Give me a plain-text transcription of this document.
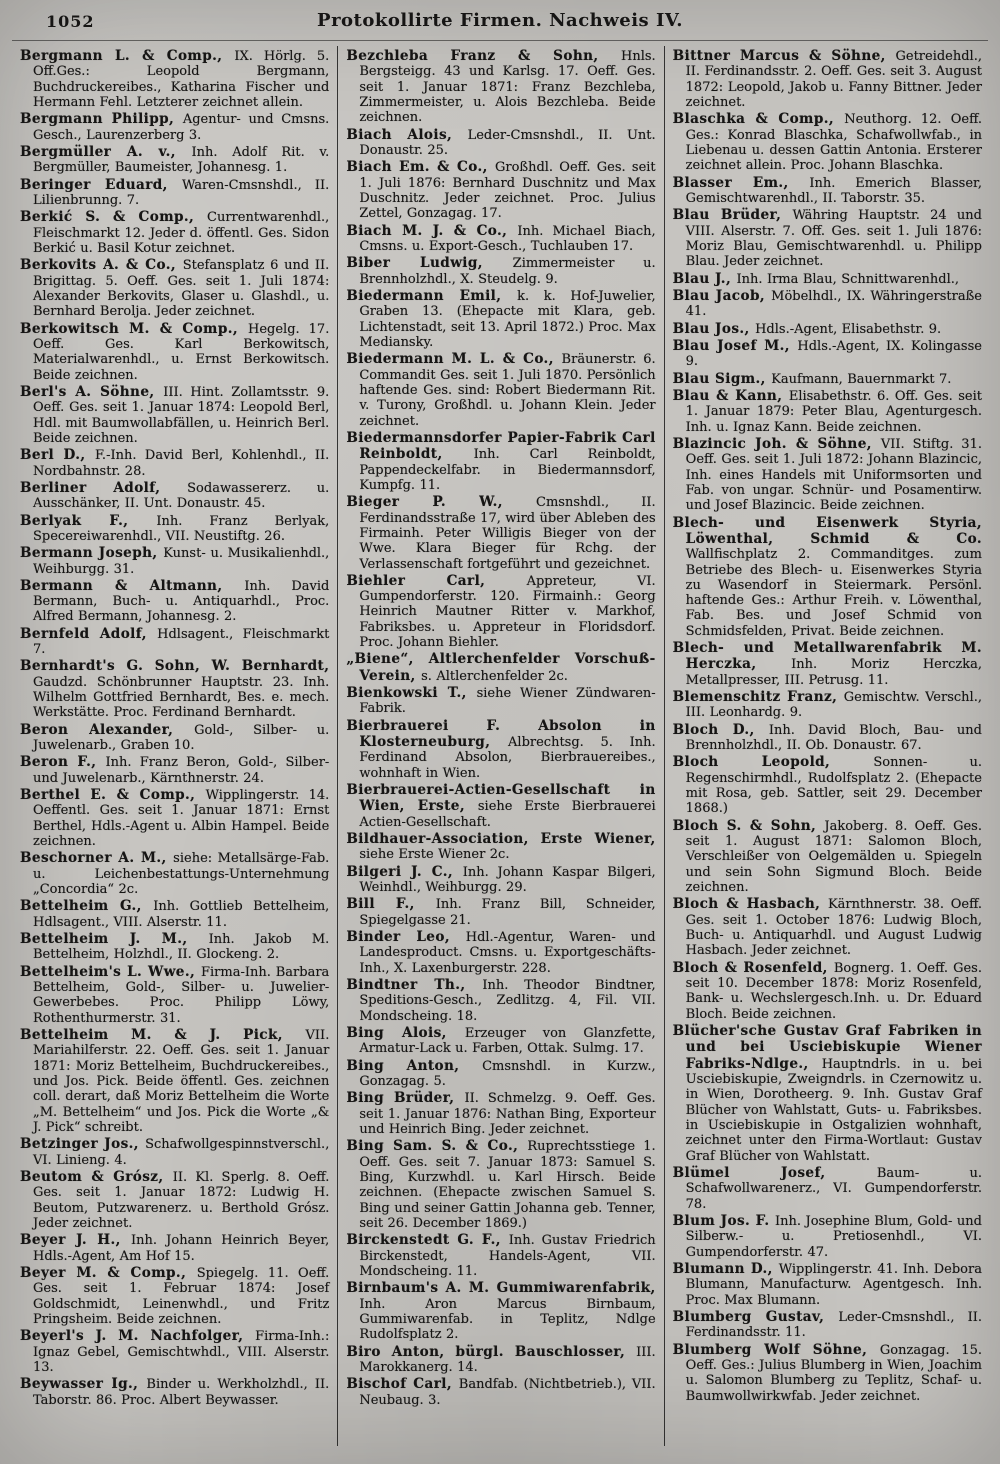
1052	Protokollirte Firmen. Nachweis IV.

Bergmann L. & Comp., IX. Hörlg. 5. Off.Ges.: Leopold Bergmann, Buchdruckereibes., Katharina Fischer und Hermann Fehl. Letzterer zeichnet allein.

Bergmann Philipp, Agentur- und Cmsns. Gesch., Laurenzerberg 3.

Bergmüller A. v., Inh. Adolf Rit. v. Bergmüller, Baumeister, Johannesg. 1.

Beringer Eduard, Waren-Cmsnshdl., II. Lilienbrunng. 7.

Berkić S. & Comp., Currentwarenhdl., Fleischmarkt 12. Jeder d. öffentl. Ges. Sidon Berkić u. Basil Kotur zeichnet.

Berkovits A. & Co., Stefansplatz 6 und II. Brigittag. 5. Oeff. Ges. seit 1. Juli 1874: Alexander Berkovits, Glaser u. Glashdl., u. Bernhard Berolja. Jeder zeichnet.

Berkowitsch M. & Comp., Hegelg. 17. Oeff. Ges. Karl Berkowitsch, Materialwarenhdl., u. Ernst Berkowitsch. Beide zeichnen.

Berl's A. Söhne, III. Hint. Zollamtsstr. 9. Oeff. Ges. seit 1. Januar 1874: Leopold Berl, Hdl. mit Baumwollabfällen, u. Heinrich Berl. Beide zeichnen.

Berl D., F.-Inh. David Berl, Kohlenhdl., II. Nordbahnstr. 28.

Berliner Adolf, Sodawassererz. u. Ausschänker, II. Unt. Donaustr. 45.

Berlyak F., Inh. Franz Berlyak, Specereiwarenhdl., VII. Neustiftg. 26.

Bermann Joseph, Kunst- u. Musikalienhdl., Weihburgg. 31.

Bermann & Altmann, Inh. David Bermann, Buch- u. Antiquarhdl., Proc. Alfred Bermann, Johannesg. 2.

Bernfeld Adolf, Hdlsagent., Fleischmarkt 7.

Bernhardt's G. Sohn, W. Bernhardt, Gaudzd. Schönbrunner Hauptstr. 23. Inh. Wilhelm Gottfried Bernhardt, Bes. e. mech. Werkstätte. Proc. Ferdinand Bernhardt.

Beron Alexander, Gold-, Silber- u. Juwelenarb., Graben 10.

Beron F., Inh. Franz Beron, Gold-, Silber- und Juwelenarb., Kärnthnerstr. 24.

Berthel E. & Comp., Wipplingerstr. 14. Oeffentl. Ges. seit 1. Januar 1871: Ernst Berthel, Hdls.-Agent u. Albin Hampel. Beide zeichnen.

Beschorner A. M., siehe: Metallsärge-Fab. u. Leichenbestattungs-Unternehmung „Concordia“ 2c.

Bettelheim G., Inh. Gottlieb Bettelheim, Hdlsagent., VIII. Alserstr. 11.

Bettelheim J. M., Inh. Jakob M. Bettelheim, Holzhdl., II. Glockeng. 2.

Bettelheim's L. Wwe., Firma-Inh. Barbara Bettelheim, Gold-, Silber- u. Juwelier-Gewerbebes. Proc. Philipp Löwy, Rothenthurmerstr. 31.

Bettelheim M. & J. Pick, VII. Mariahilferstr. 22. Oeff. Ges. seit 1. Januar 1871: Moriz Bettelheim, Buchdruckereibes., und Jos. Pick. Beide öffentl. Ges. zeichnen coll. derart, daß Moriz Bettelheim die Worte „M. Bettelheim“ und Jos. Pick die Worte „& J. Pick“ schreibt.

Betzinger Jos., Schafwollgespinnstverschl., VI. Linieng. 4.

Beutom & Grósz, II. Kl. Sperlg. 8. Oeff. Ges. seit 1. Januar 1872: Ludwig H. Beutom, Putzwarenerz. u. Berthold Grósz. Jeder zeichnet.

Beyer J. H., Inh. Johann Heinrich Beyer, Hdls.-Agent, Am Hof 15.

Beyer M. & Comp., Spiegelg. 11. Oeff. Ges. seit 1. Februar 1874: Josef Goldschmidt, Leinenwhdl., und Fritz Pringsheim. Beide zeichnen.

Beyerl's J. M. Nachfolger, Firma-Inh.: Ignaz Gebel, Gemischtwhdl., VIII. Alserstr. 13.

Beywasser Ig., Binder u. Werkholzhdl., II. Taborstr. 86. Proc. Albert Beywasser.

Bezchleba Franz & Sohn, Hnls. Bergsteigg. 43 und Karlsg. 17. Oeff. Ges. seit 1. Januar 1871: Franz Bezchleba, Zimmermeister, u. Alois Bezchleba. Beide zeichnen.

Biach Alois, Leder-Cmsnshdl., II. Unt. Donaustr. 25.

Biach Em. & Co., Großhdl. Oeff. Ges. seit 1. Juli 1876: Bernhard Duschnitz und Max Duschnitz. Jeder zeichnet. Proc. Julius Zettel, Gonzagag. 17.

Biach M. J. & Co., Inh. Michael Biach, Cmsns. u. Export-Gesch., Tuchlauben 17.

Biber Ludwig, Zimmermeister u. Brennholzhdl., X. Steudelg. 9.

Biedermann Emil, k. k. Hof-Juwelier, Graben 13. (Ehepacte mit Klara, geb. Lichtenstadt, seit 13. April 1872.) Proc. Max Mediansky.

Biedermann M. L. & Co., Bräunerstr. 6. Commandit Ges. seit 1. Juli 1870. Persönlich haftende Ges. sind: Robert Biedermann Rit. v. Turony, Großhdl. u. Johann Klein. Jeder zeichnet.

Biedermannsdorfer Papier-Fabrik Carl Reinboldt, Inh. Carl Reinboldt, Pappendeckelfabr. in Biedermannsdorf, Kumpfg. 11.

Bieger P. W., Cmsnshdl., II. Ferdinandsstraße 17, wird über Ableben des Firmainh. Peter Willigis Bieger von der Wwe. Klara Bieger für Rchg. der Verlassenschaft fortgeführt und gezeichnet.

Biehler Carl, Appreteur, VI. Gumpendorferstr. 120. Firmainh.: Georg Heinrich Mautner Ritter v. Markhof, Fabriksbes. u. Appreteur in Floridsdorf. Proc. Johann Biehler.

„Biene“, Altlerchenfelder Vorschuß-Verein, s. Altlerchenfelder 2c.

Bienkowski T., siehe Wiener Zündwaren-Fabrik.

Bierbrauerei F. Absolon in Klosterneuburg, Albrechtsg. 5. Inh. Ferdinand Absolon, Bierbrauereibes., wohnhaft in Wien.

Bierbrauerei-Actien-Gesellschaft in Wien, Erste, siehe Erste Bierbrauerei Actien-Gesellschaft.

Bildhauer-Association, Erste Wiener, siehe Erste Wiener 2c.

Bilgeri J. C., Inh. Johann Kaspar Bilgeri, Weinhdl., Weihburgg. 29.

Bill F., Inh. Franz Bill, Schneider, Spiegelgasse 21.

Binder Leo, Hdl.-Agentur, Waren- und Landesproduct. Cmsns. u. Exportgeschäfts-Inh., X. Laxenburgerstr. 228.

Bindtner Th., Inh. Theodor Bindtner, Speditions-Gesch., Zedlitzg. 4, Fil. VII. Mondscheing. 18.

Bing Alois, Erzeuger von Glanzfette, Armatur-Lack u. Farben, Ottak. Sulmg. 17.

Bing Anton, Cmsnshdl. in Kurzw., Gonzagag. 5.

Bing Brüder, II. Schmelzg. 9. Oeff. Ges. seit 1. Januar 1876: Nathan Bing, Exporteur und Heinrich Bing. Jeder zeichnet.

Bing Sam. S. & Co., Ruprechtsstiege 1. Oeff. Ges. seit 7. Januar 1873: Samuel S. Bing, Kurzwhdl. u. Karl Hirsch. Beide zeichnen. (Ehepacte zwischen Samuel S. Bing und seiner Gattin Johanna geb. Tenner, seit 26. December 1869.)

Birckenstedt G. F., Inh. Gustav Friedrich Birckenstedt, Handels-Agent, VII. Mondscheing. 11.

Birnbaum's A. M. Gummiwarenfabrik, Inh. Aron Marcus Birnbaum, Gummiwarenfab. in Teplitz, Ndlge Rudolfsplatz 2.

Biro Anton, bürgl. Bauschlosser, III. Marokkanerg. 14.

Bischof Carl, Bandfab. (Nichtbetrieb.), VII. Neubaug. 3.

Bittner Marcus & Söhne, Getreidehdl., II. Ferdinandsstr. 2. Oeff. Ges. seit 3. August 1872: Leopold, Jakob u. Fanny Bittner. Jeder zeichnet.

Blaschka & Comp., Neuthorg. 12. Oeff. Ges.: Konrad Blaschka, Schafwollwfab., in Liebenau u. dessen Gattin Antonia. Ersterer zeichnet allein. Proc. Johann Blaschka.

Blasser Em., Inh. Emerich Blasser, Gemischtwarenhdl., II. Taborstr. 35.

Blau Brüder, Währing Hauptstr. 24 und VIII. Alserstr. 7. Off. Ges. seit 1. Juli 1876: Moriz Blau, Gemischtwarenhdl. u. Philipp Blau. Jeder zeichnet.

Blau J., Inh. Irma Blau, Schnittwarenhdl.,

Blau Jacob, Möbelhdl., IX. Währingerstraße 41.

Blau Jos., Hdls.-Agent, Elisabethstr. 9.

Blau Josef M., Hdls.-Agent, IX. Kolingasse 9.

Blau Sigm., Kaufmann, Bauernmarkt 7.

Blau & Kann, Elisabethstr. 6. Off. Ges. seit 1. Januar 1879: Peter Blau, Agenturgesch. Inh. u. Ignaz Kann. Beide zeichnen.

Blazincic Joh. & Söhne, VII. Stiftg. 31. Oeff. Ges. seit 1. Juli 1872: Johann Blazincic, Inh. eines Handels mit Uniformsorten und Fab. von ungar. Schnür- und Posamentirw. und Josef Blazincic. Beide zeichnen.

Blech- und Eisenwerk Styria, Löwenthal, Schmid & Co. Wallfischplatz 2. Commanditges. zum Betriebe des Blech- u. Eisenwerkes Styria zu Wasendorf in Steiermark. Persönl. haftende Ges.: Arthur Freih. v. Löwenthal, Fab. Bes. und Josef Schmid von Schmidsfelden, Privat. Beide zeichnen.

Blech- und Metallwarenfabrik M. Herczka, Inh. Moriz Herczka, Metallpresser, III. Petrusg. 11.

Blemenschitz Franz, Gemischtw. Verschl., III. Leonhardg. 9.

Bloch D., Inh. David Bloch, Bau- und Brennholzhdl., II. Ob. Donaustr. 67.

Bloch Leopold, Sonnen- u. Regenschirmhdl., Rudolfsplatz 2. (Ehepacte mit Rosa, geb. Sattler, seit 29. December 1868.)

Bloch S. & Sohn, Jakoberg. 8. Oeff. Ges. seit 1. August 1871: Salomon Bloch, Verschleißer von Oelgemälden u. Spiegeln und sein Sohn Sigmund Bloch. Beide zeichnen.

Bloch & Hasbach, Kärnthnerstr. 38. Oeff. Ges. seit 1. October 1876: Ludwig Bloch, Buch- u. Antiquarhdl. und August Ludwig Hasbach. Jeder zeichnet.

Bloch & Rosenfeld, Bognerg. 1. Oeff. Ges. seit 10. December 1878: Moriz Rosenfeld, Bank- u. Wechslergesch.Inh. u. Dr. Eduard Bloch. Beide zeichnen.

Blücher'sche Gustav Graf Fabriken in und bei Usciebiskupie Wiener Fabriks-Ndlge., Hauptndrls. in u. bei Usciebiskupie, Zweigndrls. in Czernowitz u. in Wien, Dorotheerg. 9. Inh. Gustav Graf Blücher von Wahlstatt, Guts- u. Fabriksbes. in Usciebiskupie in Ostgalizien wohnhaft, zeichnet unter den Firma-Wortlaut: Gustav Graf Blücher von Wahlstatt.

Blümel Josef, Baum- u. Schafwollwarenerz., VI. Gumpendorferstr. 78.

Blum Jos. F. Inh. Josephine Blum, Gold- und Silberw.- u. Pretiosenhdl., VI. Gumpendorferstr. 47.

Blumann D., Wipplingerstr. 41. Inh. Debora Blumann, Manufacturw. Agentgesch. Inh. Proc. Max Blumann.

Blumberg Gustav, Leder-Cmsnshdl., II. Ferdinandsstr. 11.

Blumberg Wolf Söhne, Gonzagag. 15. Oeff. Ges.: Julius Blumberg in Wien, Joachim u. Salomon Blumberg zu Teplitz, Schaf- u. Baumwollwirkwfab. Jeder zeichnet.
